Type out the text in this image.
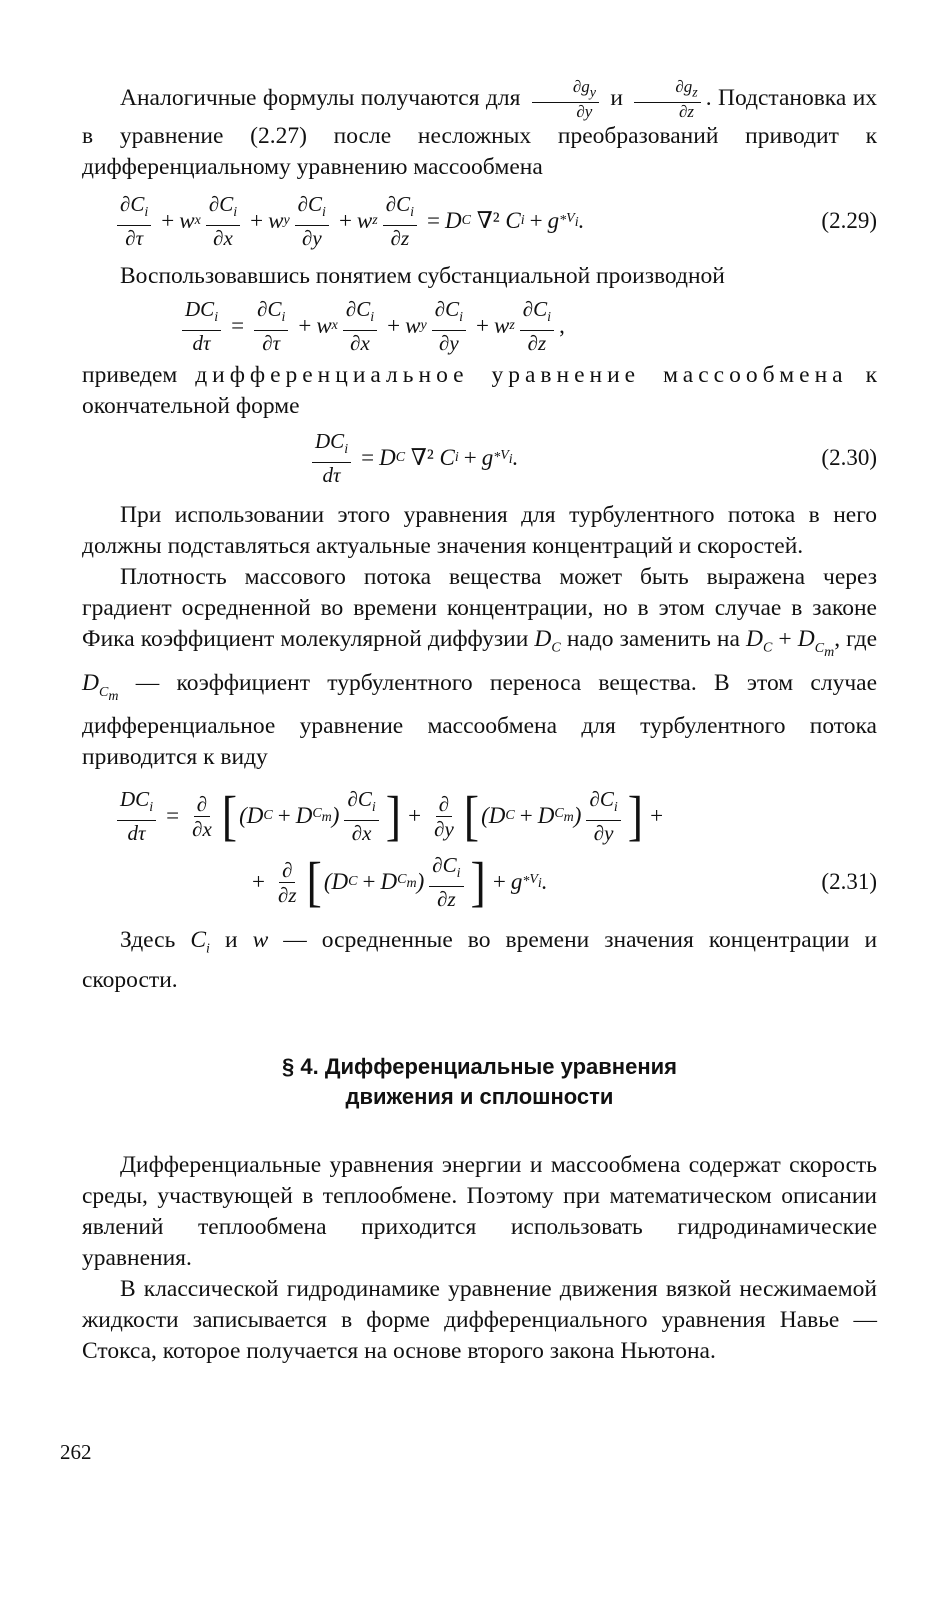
Аналогичные формулы получаются для $\frac{\partial g_y}{\partial y}$ и $\frac{\partial g_z}{\partial z}$ . Подстановка их в уравнение (2.27) после несложных преобразований приводит к дифференциальному уравнению массообмена

$\frac{\partial C_i}{\partial\tau} + w$ x $\frac{\partial C_i}{\partial x} + w$ y $\frac{\partial C_i}{\partial y} + w$ z $\frac{\partial C_i}{\partial z} = D$ C
∇² C $i + g * V_i$ .	(2.29)

Воспользовавшись понятием субстанциальной производной

$\frac{DC_i}{d\tau} = \frac{\partial C_i}{\partial\tau} + w$ x $\frac{\partial C_i}{\partial x} + w$ y $\frac{\partial C_i}{\partial y} + w$ z $\frac{\partial C_i}{\partial z}$ ,

приведем дифференциальное уравнение массообмена к окончательной форме

$\frac{DC_i}{d\tau} = D$ C
∇² C $i + g * V_i$ .	(2.30)

При использовании этого уравнения для турбулентного потока в него должны подставляться актуальные значения концентраций и скоростей.

Плотность массового потока вещества может быть выражена через градиент осредненной во времени концентрации, но в этом случае в законе Фика коэффициент молекулярной диффузии $D_C$ надо заменить на $D_C + D_{C_т}$, где $D_{C_т}$ — коэффициент турбулентного переноса вещества. В этом случае дифференциальное уравнение массообмена для турбулентного потока приводится к виду

$\frac{DC_i}{d\tau} = \frac{\partial}{\partial x}$ [ (D C + D $C_т$ ) $\frac{\partial C_i}{\partial x}$ ] + $\frac{\partial}{\partial y}$ [ (D C + D $C_т$ ) $\frac{\partial C_i}{\partial y}$ ] +
+ $\frac{\partial}{\partial z}$ [ (D C + D $C_т$ ) $\frac{\partial C_i}{\partial z}$ ] + g * $V_i$ .	(2.31)

Здесь $C_i$ и w — осредненные во времени значения концентрации и скорости.

§ 4. Дифференциальные уравнения

движения и сплошности

Дифференциальные уравнения энергии и массообмена содержат скорость среды, участвующей в теплообмене. Поэтому при математическом описании явлений теплообмена приходится использовать гидродинамические уравнения.

В классической гидродинамике уравнение движения вязкой несжимаемой жидкости записывается в форме дифференциального уравнения Навье — Стокса, которое получается на основе второго закона Ньютона.

262
